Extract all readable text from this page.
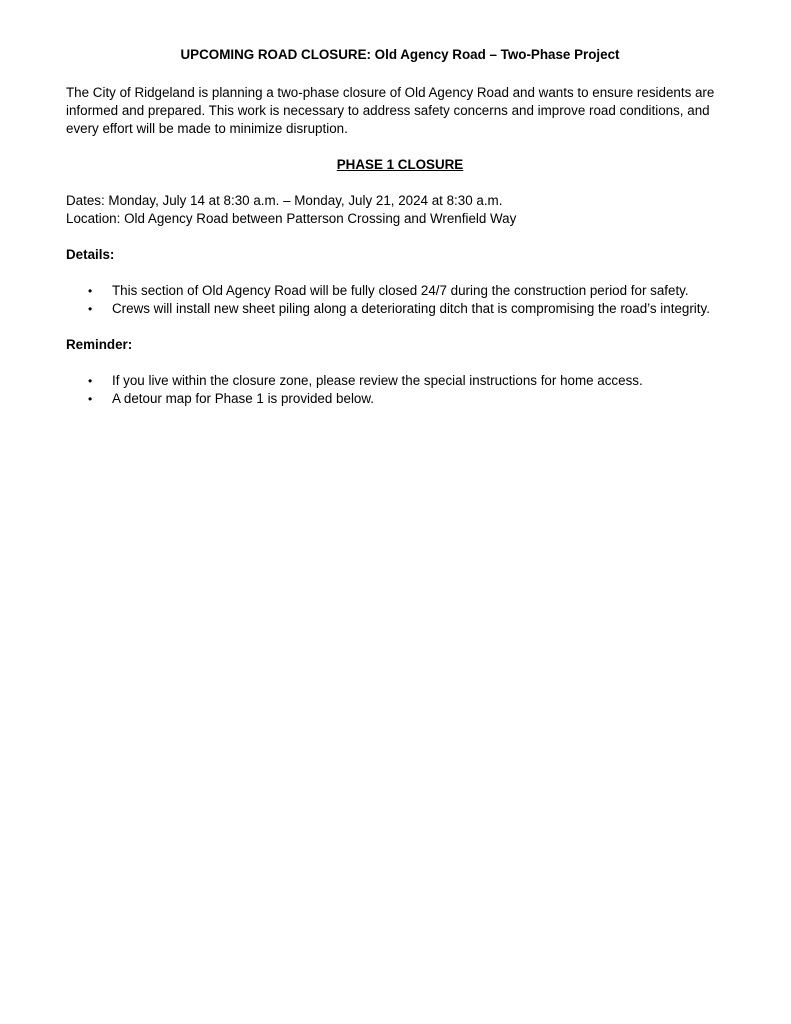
UPCOMING ROAD CLOSURE: Old Agency Road – Two-Phase Project

The City of Ridgeland is planning a two-phase closure of Old Agency Road and wants to ensure residents are informed and prepared. This work is necessary to address safety concerns and improve road conditions, and every effort will be made to minimize disruption.

PHASE 1 CLOSURE

Dates: Monday, July 14 at 8:30 a.m. – Monday, July 21, 2024 at 8:30 a.m.

Location: Old Agency Road between Patterson Crossing and Wrenfield Way

Details:
• This section of Old Agency Road will be fully closed 24/7 during the construction period for safety.
• Crews will install new sheet piling along a deteriorating ditch that is compromising the road’s integrity.
Reminder:
• If you live within the closure zone, please review the special instructions for home access.
• A detour map for Phase 1 is provided below.
